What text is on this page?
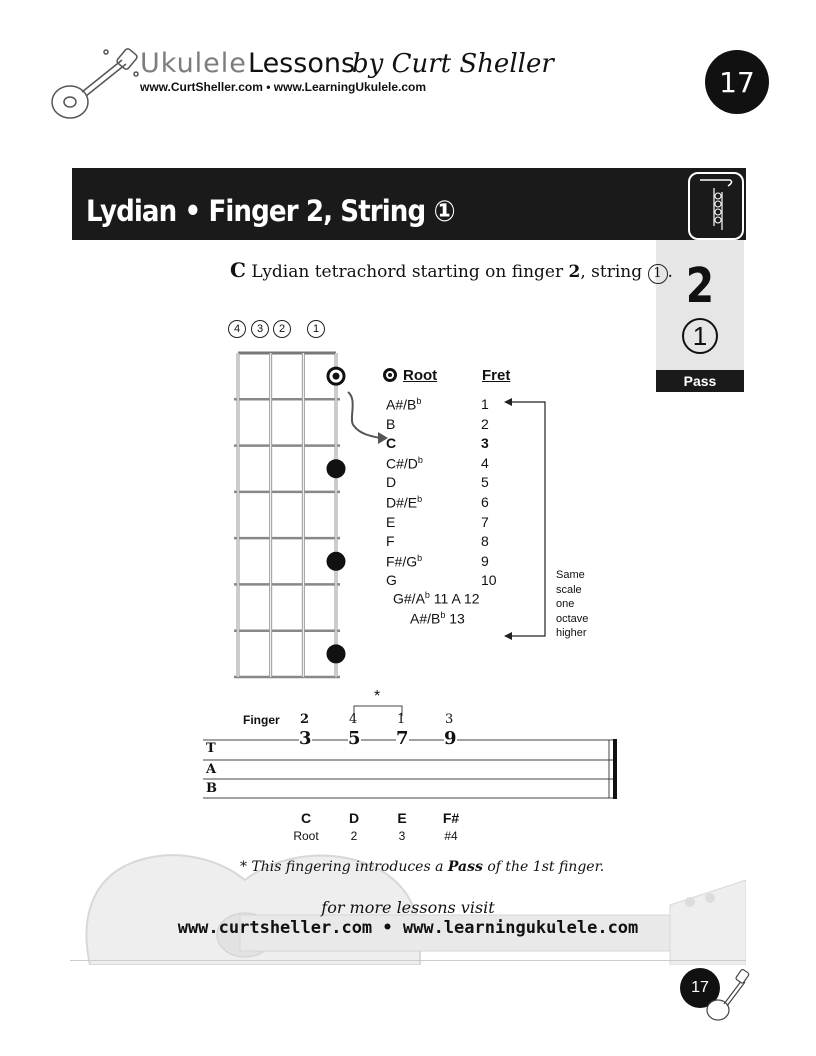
Ukulele Lessons
by Curt Sheller
www.CurtSheller.com • www.LearningUkulele.com	17
Lydian • Finger 2, String ①
2
1
Pass
C Lydian tetrachord starting on finger 2, string 1 .
4	3	2	1
Root	Fret
$A\#/B^b$	1
B	2
C	3
$C\#/D^b$	4
D	5
$D\#/E^b$	6
E	7
F	8
$F\#/G^b$	9
G	10
$G\#/A^b$ 11 A 12
$A\#/B^b$ 13
Same
scale
one
octave
higher
*
Finger 2	4	1	3
T
A
B
3 5 7 9
C	D	E	F#
Root	2	3	#4
* This fingering introduces a Pass of the 1st finger.
for more lessons visit
www.curtsheller.com • www.learningukulele.com
17
